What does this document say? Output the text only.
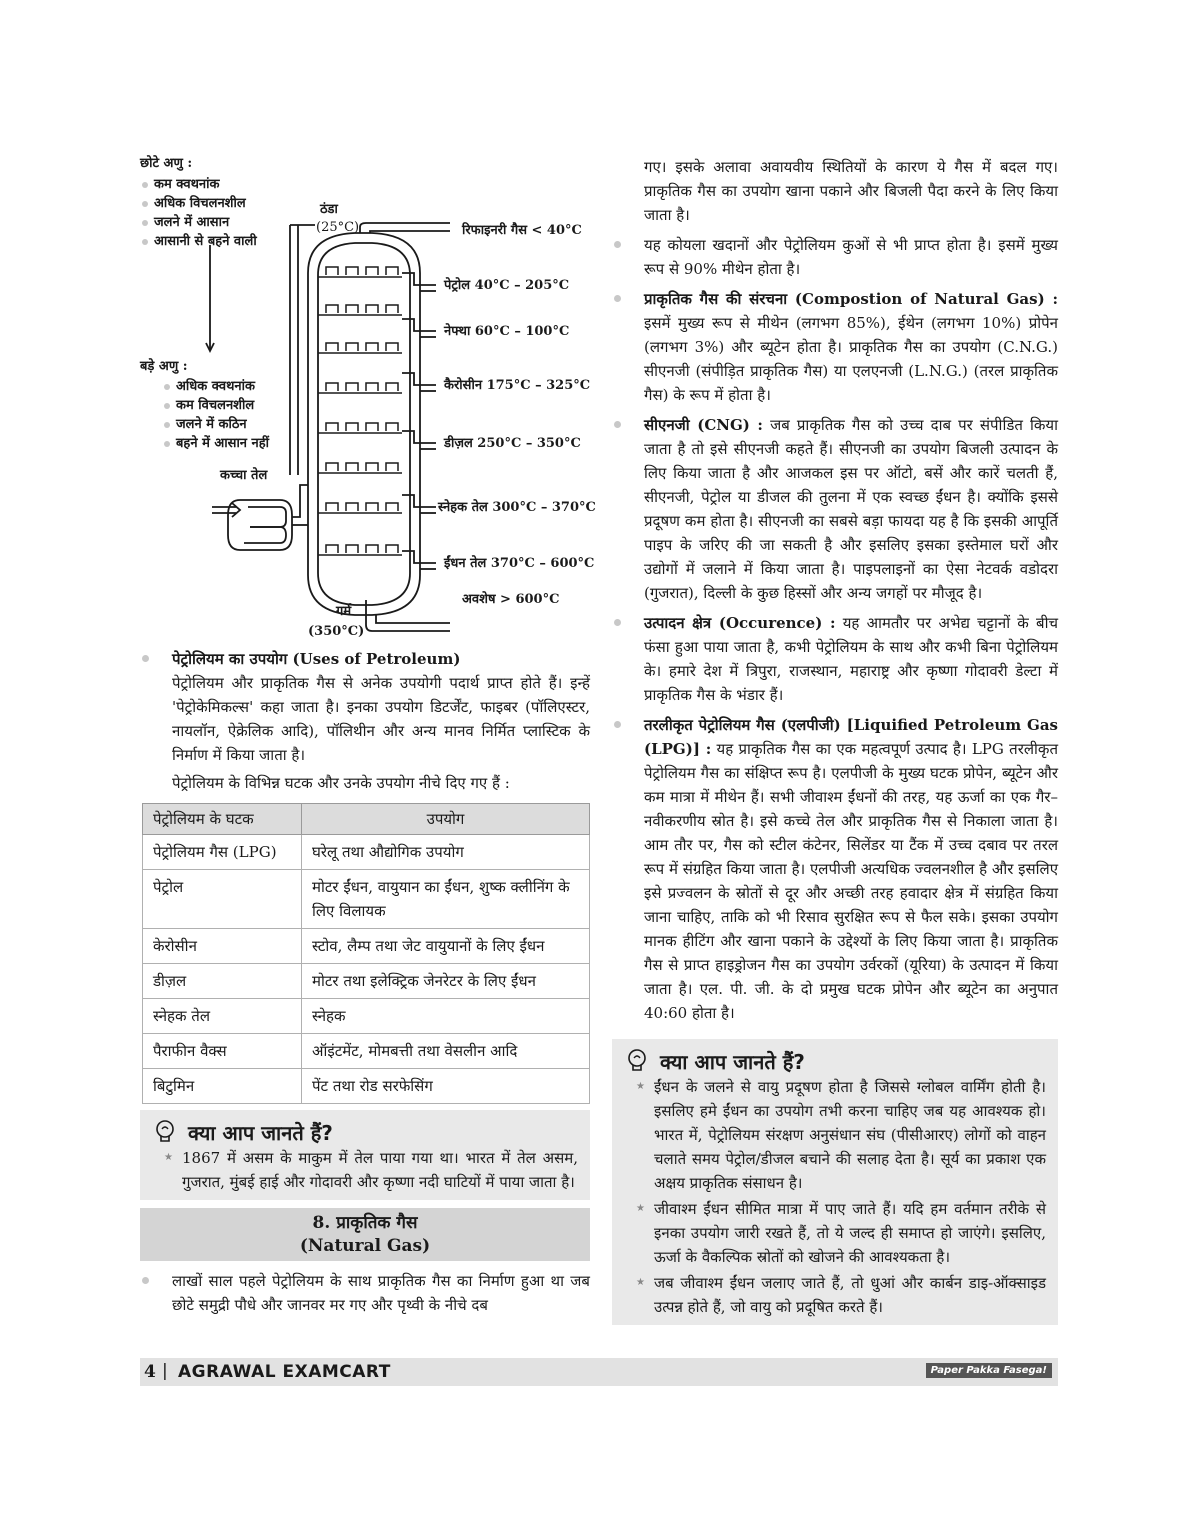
छोटे अणु :
कम क्वथनांक
अधिक विचलनशील
जलने में आसान
आसानी से बहने वाली
बड़े अणु :
अधिक क्वथनांक
कम विचलनशील
जलने में कठिन
बहने में आसान नहीं
ठंडा
(25°C)
कच्चा तेल
गर्म
(350°C)
रिफाइनरी गैस < 40°C
पेट्रोल 40°C – 205°C
नेफ्था 60°C – 100°C
कैरोसीन 175°C – 325°C
डीज़ल 250°C – 350°C
स्नेहक तेल 300°C – 370°C
ईंधन तेल 370°C – 600°C
अवशेष > 600°C

पेट्रोलियम का उपयोग (Uses of Petroleum)

पेट्रोलियम और प्राकृतिक गैस से अनेक उपयोगी पदार्थ प्राप्त होते हैं। इन्हें 'पेट्रोकेमिकल्स' कहा जाता है। इनका उपयोग डिटर्जेंट, फाइबर (पॉलिएस्टर, नायलॉन, ऐक्रेलिक आदि), पॉलिथीन और अन्य मानव निर्मित प्लास्टिक के निर्माण में किया जाता है।

पेट्रोलियम के विभिन्न घटक और उनके उपयोग नीचे दिए गए हैं :

पेट्रोलियम के घटक	उपयोग
पेट्रोलियम गैस (LPG)	घरेलू तथा औद्योगिक उपयोग
पेट्रोल	मोटर ईंधन, वायुयान का ईंधन, शुष्क क्लीनिंग के लिए विलायक
केरोसीन	स्टोव, लैम्प तथा जेट वायुयानों के लिए ईंधन
डीज़ल	मोटर तथा इलेक्ट्रिक जेनरेटर के लिए ईंधन
स्नेहक तेल	स्नेहक
पैराफीन वैक्स	ऑइंटमेंट, मोमबत्ती तथा वेसलीन आदि
बिटुमिन	पेंट तथा रोड सरफेसिंग
क्या आप जानते हैं?

★ 1867 में असम के माकुम में तेल पाया गया था। भारत में तेल असम, गुजरात, मुंबई हाई और गोदावरी और कृष्णा नदी घाटियों में पाया जाता है।

8. प्राकृतिक गैस
(Natural Gas)

लाखों साल पहले पेट्रोलियम के साथ प्राकृतिक गैस का निर्माण हुआ था जब छोटे समुद्री पौधे और जानवर मर गए और पृथ्वी के नीचे दब

गए। इसके अलावा अवायवीय स्थितियों के कारण ये गैस में बदल गए। प्राकृतिक गैस का उपयोग खाना पकाने और बिजली पैदा करने के लिए किया जाता है।

यह कोयला खदानों और पेट्रोलियम कुओं से भी प्राप्त होता है। इसमें मुख्य रूप से 90% मीथेन होता है।

प्राकृतिक गैस की संरचना (Compostion of Natural Gas) : इसमें मुख्य रूप से मीथेन (लगभग 85%), ईथेन (लगभग 10%) प्रोपेन (लगभग 3%) और ब्यूटेन होता है। प्राकृतिक गैस का उपयोग (C.N.G.) सीएनजी (संपीड़ित प्राकृतिक गैस) या एलएनजी (L.N.G.) (तरल प्राकृतिक गैस) के रूप में होता है।

सीएनजी (CNG) : जब प्राकृतिक गैस को उच्च दाब पर संपीडित किया जाता है तो इसे सीएनजी कहते हैं। सीएनजी का उपयोग बिजली उत्पादन के लिए किया जाता है और आजकल इस पर ऑटो, बसें और कारें चलती हैं, सीएनजी, पेट्रोल या डीजल की तुलना में एक स्वच्छ ईंधन है। क्योंकि इससे प्रदूषण कम होता है। सीएनजी का सबसे बड़ा फायदा यह है कि इसकी आपूर्ति पाइप के जरिए की जा सकती है और इसलिए इसका इस्तेमाल घरों और उद्योगों में जलाने में किया जाता है। पाइपलाइनों का ऐसा नेटवर्क वडोदरा (गुजरात), दिल्ली के कुछ हिस्सों और अन्य जगहों पर मौजूद है।

उत्पादन क्षेत्र (Occurence) : यह आमतौर पर अभेद्य चट्टानों के बीच फंसा हुआ पाया जाता है, कभी पेट्रोलियम के साथ और कभी बिना पेट्रोलियम के। हमारे देश में त्रिपुरा, राजस्थान, महाराष्ट्र और कृष्णा गोदावरी डेल्टा में प्राकृतिक गैस के भंडार हैं।

तरलीकृत पेट्रोलियम गैस (एलपीजी) [Liquified Petroleum Gas (LPG)] : यह प्राकृतिक गैस का एक महत्वपूर्ण उत्पाद है। LPG तरलीकृत पेट्रोलियम गैस का संक्षिप्त रूप है। एलपीजी के मुख्य घटक प्रोपेन, ब्यूटेन और कम मात्रा में मीथेन हैं। सभी जीवाश्म ईंधनों की तरह, यह ऊर्जा का एक गैर–नवीकरणीय स्रोत है। इसे कच्चे तेल और प्राकृतिक गैस से निकाला जाता है। आम तौर पर, गैस को स्टील कंटेनर, सिलेंडर या टैंक में उच्च दबाव पर तरल रूप में संग्रहित किया जाता है। एलपीजी अत्यधिक ज्वलनशील है और इसलिए इसे प्रज्वलन के स्रोतों से दूर और अच्छी तरह हवादार क्षेत्र में संग्रहित किया जाना चाहिए, ताकि को भी रिसाव सुरक्षित रूप से फैल सके। इसका उपयोग मानक हीटिंग और खाना पकाने के उद्देश्यों के लिए किया जाता है। प्राकृतिक गैस से प्राप्त हाइड्रोजन गैस का उपयोग उर्वरकों (यूरिया) के उत्पादन में किया जाता है। एल. पी. जी. के दो प्रमुख घटक प्रोपेन और ब्यूटेन का अनुपात 40:60 होता है।

क्या आप जानते हैं?

★ ईंधन के जलने से वायु प्रदूषण होता है जिससे ग्लोबल वार्मिंग होती है। इसलिए हमे ईंधन का उपयोग तभी करना चाहिए जब यह आवश्यक हो। भारत में, पेट्रोलियम संरक्षण अनुसंधान संघ (पीसीआरए) लोगों को वाहन चलाते समय पेट्रोल/डीजल बचाने की सलाह देता है। सूर्य का प्रकाश एक अक्षय प्राकृतिक संसाधन है।

★ जीवाश्म ईंधन सीमित मात्रा में पाए जाते हैं। यदि हम वर्तमान तरीके से इनका उपयोग जारी रखते हैं, तो ये जल्द ही समाप्त हो जाएंगे। इसलिए, ऊर्जा के वैकल्पिक स्रोतों को खोजने की आवश्यकता है।

★ जब जीवाश्म ईंधन जलाए जाते हैं, तो धुआं और कार्बन डाइ-ऑक्साइड उत्पन्न होते हैं, जो वायु को प्रदूषित करते हैं।

4 | AGRAWAL EXAMCART	Paper Pakka Fasega!
